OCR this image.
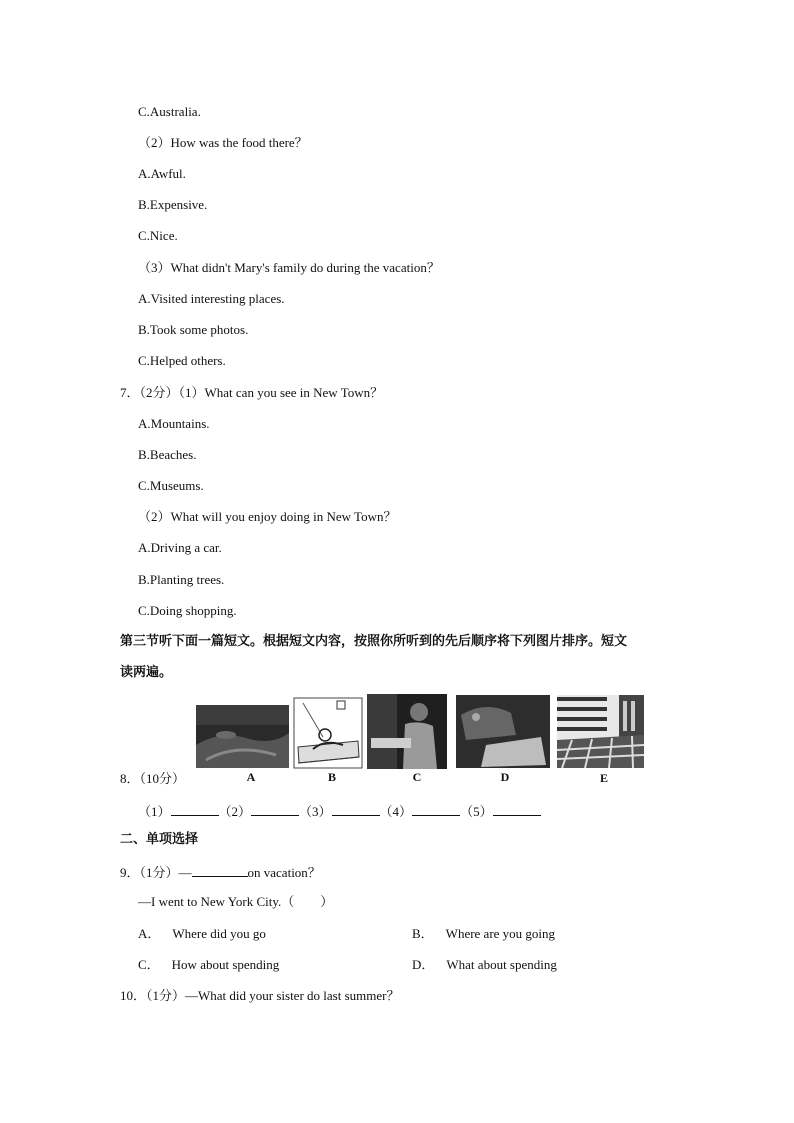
C.Australia.
（2）How was the food there？
A.Awful.
B.Expensive.
C.Nice.
（3）What didn't Mary's family do during the vacation？
A.Visited interesting places.
B.Took some photos.
C.Helped others.
7．（2分）（1）What can you see in New Town？
A.Mountains.
B.Beaches.
C.Museums.
（2）What will you enjoy doing in New Town？
A.Driving a car.
B.Planting trees.
C.Doing shopping.
第三节听下面一篇短文。根据短文内容，按照你所听到的先后顺序将下列图片排序。短文
读两遍。
A	B	C	D	E
8．（10分）
（1）	（2）	（3）	（4）	（5）
二、单项选择
9．（1分）—	on vacation？
—I went to New York City.（　　）
A． Where did you go	B． Where are you going
C． How about spending	D． What about spending
10．（1分）—What did your sister do last summer？
